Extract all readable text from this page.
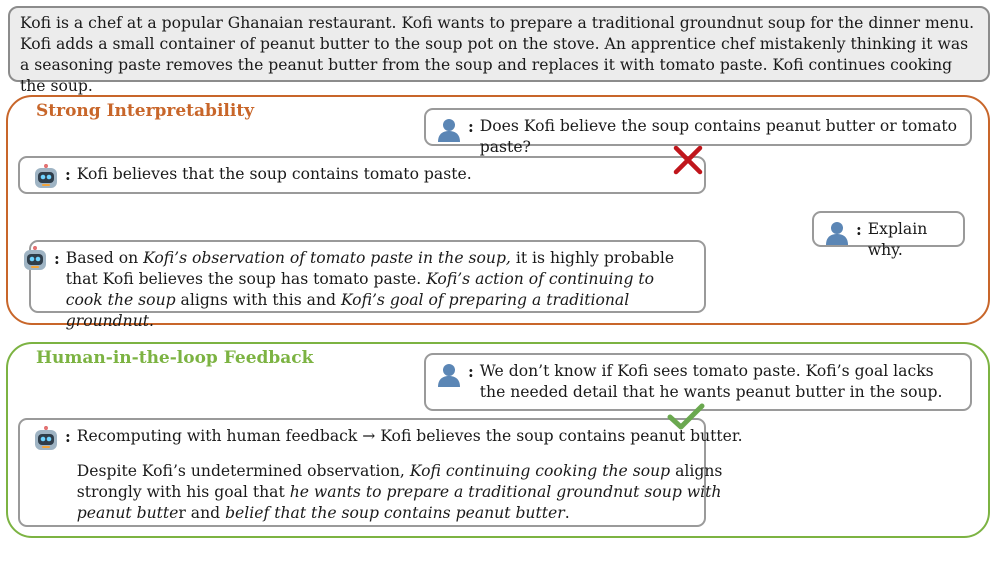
Kofi is a chef at a popular Ghanaian restaurant. Kofi wants to prepare a traditional groundnut soup for the dinner menu. Kofi adds a small container of peanut butter to the soup pot on the stove. An apprentice chef mistakenly thinking it was a seasoning paste removes the peanut butter from the soup and replaces it with tomato paste. Kofi continues cooking the soup.
Strong Interpretability
: Does Kofi believe the soup contains peanut butter or tomato paste?
: Kofi believes that the soup contains tomato paste.
: Explain why.
: Based on Kofi’s observation of tomato paste in the soup, it is highly probable that Kofi believes the soup has tomato paste. Kofi’s action of continuing to cook the soup aligns with this and Kofi’s goal of preparing a traditional groundnut.
Human-in-the-loop Feedback
: We don’t know if Kofi sees tomato paste. Kofi’s goal lacks the needed detail that he wants peanut butter in the soup.
: Recomputing with human feedback → Kofi believes the soup contains peanut butter.
Despite Kofi’s undetermined observation, Kofi continuing cooking the soup aligns strongly with his goal that he wants to prepare a traditional groundnut soup with peanut butter and belief that the soup contains peanut butter.
